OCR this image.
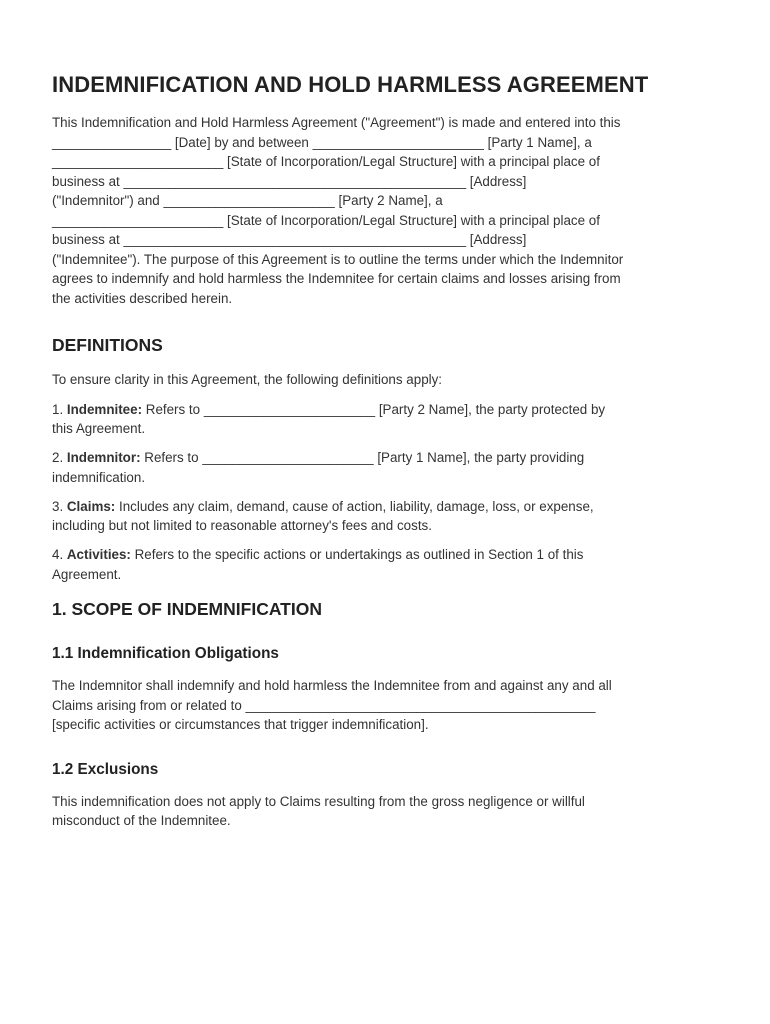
INDEMNIFICATION AND HOLD HARMLESS AGREEMENT

This Indemnification and Hold Harmless Agreement ("Agreement") is made and entered into this
________________ [Date] by and between _______________________ [Party 1 Name], a
_______________________ [State of Incorporation/Legal Structure] with a principal place of
business at ______________________________________________ [Address]
("Indemnitor") and _______________________ [Party 2 Name], a
_______________________ [State of Incorporation/Legal Structure] with a principal place of
business at ______________________________________________ [Address]
("Indemnitee"). The purpose of this Agreement is to outline the terms under which the Indemnitor
agrees to indemnify and hold harmless the Indemnitee for certain claims and losses arising from
the activities described herein.

DEFINITIONS

To ensure clarity in this Agreement, the following definitions apply:

1. Indemnitee: Refers to _______________________ [Party 2 Name], the party protected by
this Agreement.

2. Indemnitor: Refers to _______________________ [Party 1 Name], the party providing
indemnification.

3. Claims: Includes any claim, demand, cause of action, liability, damage, loss, or expense,
including but not limited to reasonable attorney's fees and costs.

4. Activities: Refers to the specific actions or undertakings as outlined in Section 1 of this
Agreement.

1. SCOPE OF INDEMNIFICATION
1.1 Indemnification Obligations

The Indemnitor shall indemnify and hold harmless the Indemnitee from and against any and all
Claims arising from or related to _______________________________________________
[specific activities or circumstances that trigger indemnification].

1.2 Exclusions

This indemnification does not apply to Claims resulting from the gross negligence or willful
misconduct of the Indemnitee.
